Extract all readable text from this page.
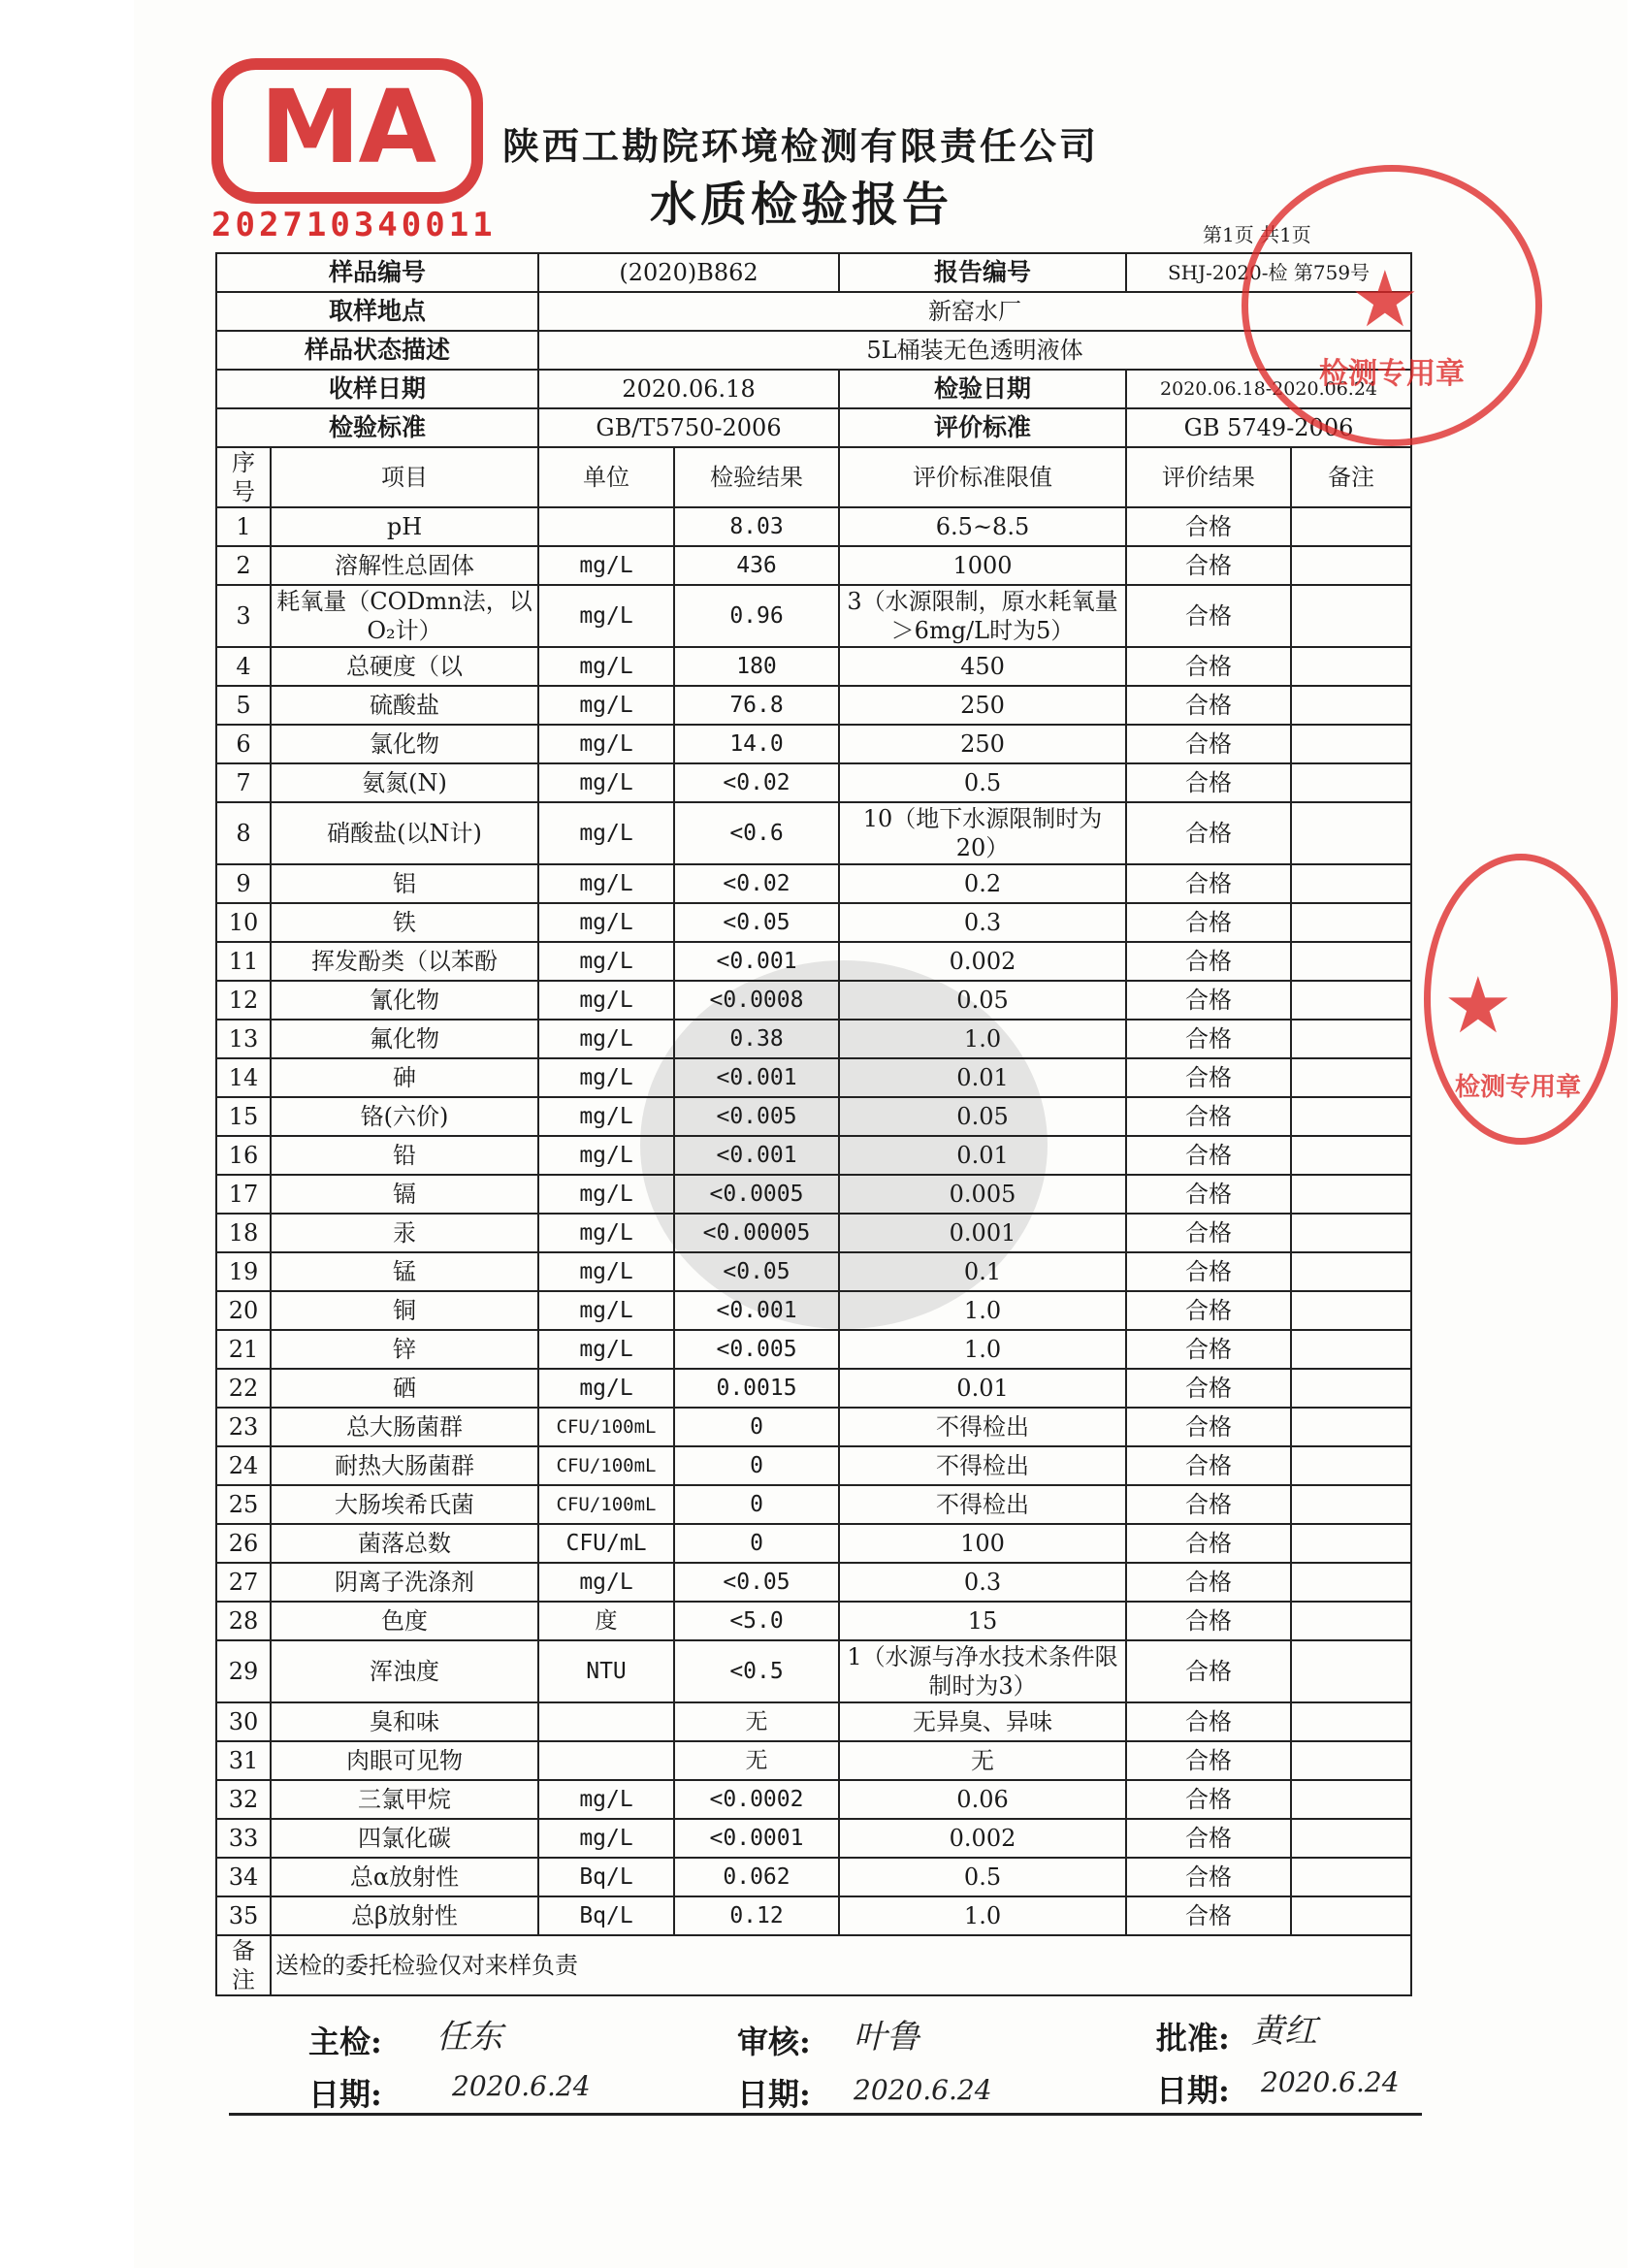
MA
202710340011
陕西工勘院环境检测有限责任公司
水质检验报告
第1页 共1页
样品编号		(2020)B862		报告编号	SHJ-2020-检 第759号	
取样地点		新窑水厂				
样品状态描述		5L桶装无色透明液体				
收样日期		2020.06.18		检验日期	2020.06.18-2020.06.24	
检验标准		GB/T5750-2006		评价标准	GB 5749-2006	
序号	项目	单位	检验结果	评价标准限值	评价结果	备注
1	pH		8.03	6.5~8.5	合格	
2	溶解性总固体	mg/L	436	1000	合格	
3	耗氧量（CODmn法，以O₂计）	mg/L	0.96	3（水源限制，原水耗氧量＞6mg/L时为5）	合格	
4	总硬度（以	mg/L	180	450	合格	
5	硫酸盐	mg/L	76.8	250	合格	
6	氯化物	mg/L	14.0	250	合格	
7	氨氮(N)	mg/L	<0.02	0.5	合格	
8	硝酸盐(以N计)	mg/L	<0.6	10（地下水源限制时为20）	合格	
9	铝	mg/L	<0.02	0.2	合格	
10	铁	mg/L	<0.05	0.3	合格	
11	挥发酚类（以苯酚	mg/L	<0.001	0.002	合格	
12	氰化物	mg/L	<0.0008	0.05	合格	
13	氟化物	mg/L	0.38	1.0	合格	
14	砷	mg/L	<0.001	0.01	合格	
15	铬(六价)	mg/L	<0.005	0.05	合格	
16	铅	mg/L	<0.001	0.01	合格	
17	镉	mg/L	<0.0005	0.005	合格	
18	汞	mg/L	<0.00005	0.001	合格	
19	锰	mg/L	<0.05	0.1	合格	
20	铜	mg/L	<0.001	1.0	合格	
21	锌	mg/L	<0.005	1.0	合格	
22	硒	mg/L	0.0015	0.01	合格	
23	总大肠菌群	CFU/100mL	0	不得检出	合格	
24	耐热大肠菌群	CFU/100mL	0	不得检出	合格	
25	大肠埃希氏菌	CFU/100mL	0	不得检出	合格	
26	菌落总数	CFU/mL	0	100	合格	
27	阴离子洗涤剂	mg/L	<0.05	0.3	合格	
28	色度	度	<5.0	15	合格	
29	浑浊度	NTU	<0.5	1（水源与净水技术条件限制时为3）	合格	
30	臭和味		无	无异臭、异味	合格	
31	肉眼可见物		无	无	合格	
32	三氯甲烷	mg/L	<0.0002	0.06	合格	
33	四氯化碳	mg/L	<0.0001	0.002	合格	
34	总α放射性	Bq/L	0.062	0.5	合格	
35	总β放射性	Bq/L	0.12	1.0	合格	
备注	送检的委托检验仅对来样负责					
★
检测专用章
★
检测专用章
主检: 任东	审核: 叶鲁	批准: 黄红
日期:	2020.6.24	日期: 2020.6.24	日期: 2020.6.24
